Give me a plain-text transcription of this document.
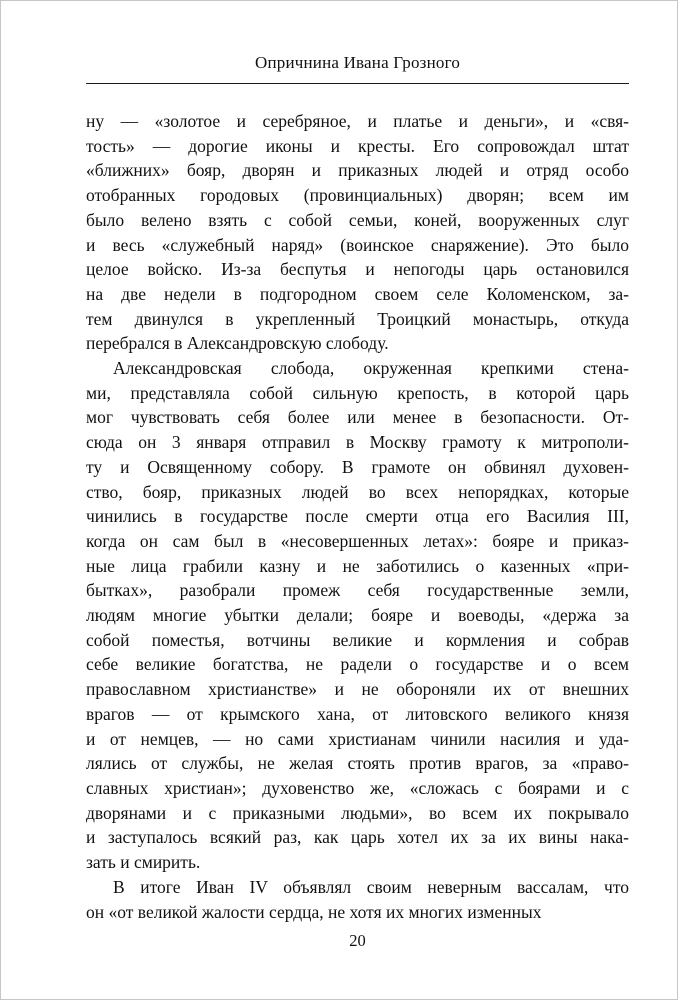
Опричнина Ивана Грозного
ну — «золотое и серебряное, и платье и деньги», и «свя-
тость» — дорогие иконы и кресты. Его сопровождал штат
«ближних» бояр, дворян и приказных людей и отряд особо
отобранных городовых (провинциальных) дворян; всем им
было велено взять с собой семьи, коней, вооруженных слуг
и весь «служебный наряд» (воинское снаряжение). Это было
целое войско. Из-за беспутья и непогоды царь остановился
на две недели в подгородном своем селе Коломенском, за-
тем двинулся в укрепленный Троицкий монастырь, откуда
перебрался в Александровскую слободу.
Александровская слобода, окруженная крепкими стена-
ми, представляла собой сильную крепость, в которой царь
мог чувствовать себя более или менее в безопасности. От-
сюда он 3 января отправил в Москву грамоту к митрополи-
ту и Освященному собору. В грамоте он обвинял духовен-
ство, бояр, приказных людей во всех непорядках, которые
чинились в государстве после смерти отца его Василия III,
когда он сам был в «несовершенных летах»: бояре и приказ-
ные лица грабили казну и не заботились о казенных «при-
бытках», разобрали промеж себя государственные земли,
людям многие убытки делали; бояре и воеводы, «держа за
собой поместья, вотчины великие и кормления и собрав
себе великие богатства, не радели о государстве и о всем
православном христианстве» и не обороняли их от внешних
врагов — от крымского хана, от литовского великого князя
и от немцев, — но сами христианам чинили насилия и уда-
лялись от службы, не желая стоять против врагов, за «право-
славных христиан»; духовенство же, «сложась с боярами и с
дворянами и с приказными людьми», во всем их покрывало
и заступалось всякий раз, как царь хотел их за их вины нака-
зать и смирить.
В итоге Иван IV объявлял своим неверным вассалам, что
он «от великой жалости сердца, не хотя их многих изменных
20
